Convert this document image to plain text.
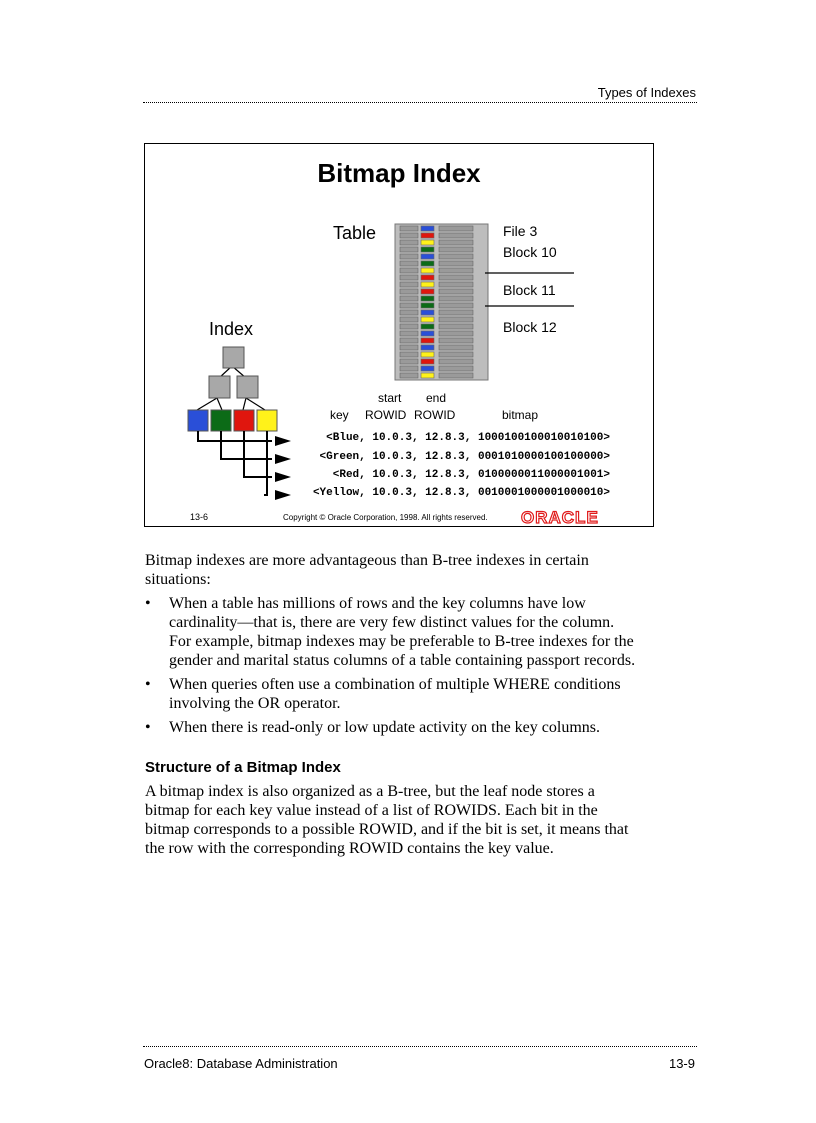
Types of Indexes
Bitmap Index
Table
Index
File 3
Block 10
Block 11
Block 12
start end
key ROWID ROWID	bitmap
<Blue, 10.0.3, 12.8.3, 1000100100010010100>
<Green, 10.0.3, 12.8.3, 0001010000100100000>
<Red, 10.0.3, 12.8.3, 0100000011000001001>
<Yellow, 10.0.3, 12.8.3, 0010001000001000010>
13-6	Copyright © Oracle Corporation, 1998. All rights reserved. ORACLE
Bitmap indexes are more advantageous than B-tree indexes in certain situations:
• When a table has millions of rows and the key columns have low cardinality—that is, there are very few distinct values for the column. For example, bitmap indexes may be preferable to B-tree indexes for the gender and marital status columns of a table containing passport records.
• When queries often use a combination of multiple WHERE conditions involving the OR operator.
• When there is read-only or low update activity on the key columns.
Structure of a Bitmap Index
A bitmap index is also organized as a B-tree, but the leaf node stores a bitmap for each key value instead of a list of ROWIDS. Each bit in the bitmap corresponds to a possible ROWID, and if the bit is set, it means that the row with the corresponding ROWID contains the key value.
Oracle8: Database Administration	13-9
